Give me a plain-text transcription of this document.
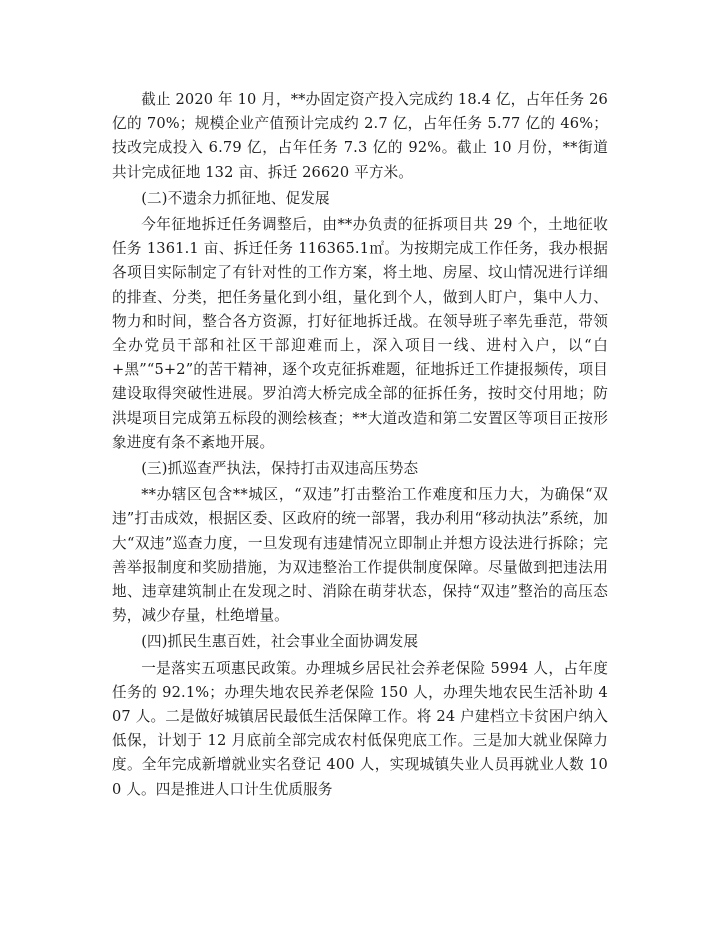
截止 2020 年 10 月，**办固定资产投入完成约 18.4 亿，占年任务 26 亿的 70%；规模企业产值预计完成约 2.7 亿，占年任务 5.77 亿的 46%；技改完成投入 6.79 亿，占年任务 7.3 亿的 92%。截止 10 月份，**街道共计完成征地 132 亩、拆迁 26620 平方米。

(二)不遗余力抓征地、促发展

今年征地拆迁任务调整后，由**办负责的征拆项目共 29 个，土地征收任务 1361.1 亩、拆迁任务 116365.1㎡。为按期完成工作任务，我办根据各项目实际制定了有针对性的工作方案，将土地、房屋、坟山情况进行详细的排查、分类，把任务量化到小组，量化到个人，做到人盯户，集中人力、物力和时间，整合各方资源，打好征地拆迁战。在领导班子率先垂范，带领全办党员干部和社区干部迎难而上，深入项目一线、进村入户，以“白+黑”“5+2”的苦干精神，逐个攻克征拆难题，征地拆迁工作捷报频传，项目建设取得突破性进展。罗泊湾大桥完成全部的征拆任务，按时交付用地；防洪堤项目完成第五标段的测绘核查；**大道改造和第二安置区等项目正按形象进度有条不紊地开展。

(三)抓巡查严执法，保持打击双违高压势态

**办辖区包含**城区，“双违”打击整治工作难度和压力大，为确保“双违”打击成效，根据区委、区政府的统一部署，我办利用“移动执法”系统，加大“双违”巡查力度，一旦发现有违建情况立即制止并想方设法进行拆除；完善举报制度和奖励措施，为双违整治工作提供制度保障。尽量做到把违法用地、违章建筑制止在发现之时、消除在萌芽状态，保持“双违”整治的高压态势，减少存量，杜绝增量。

(四)抓民生惠百姓，社会事业全面协调发展

一是落实五项惠民政策。办理城乡居民社会养老保险 5994 人，占年度任务的 92.1%；办理失地农民养老保险 150 人，办理失地农民生活补助 407 人。二是做好城镇居民最低生活保障工作。将 24 户建档立卡贫困户纳入低保，计划于 12 月底前全部完成农村低保兜底工作。三是加大就业保障力度。全年完成新增就业实名登记 400 人，实现城镇失业人员再就业人数 100 人。四是推进人口计生优质服务
